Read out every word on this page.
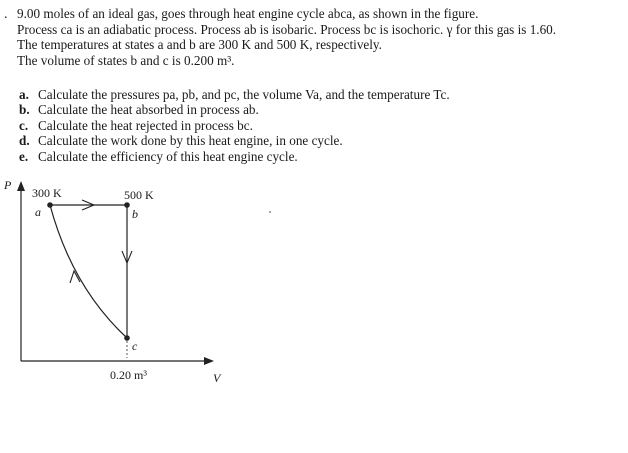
. 9.00 moles of an ideal gas, goes through heat engine cycle abca, as shown in the figure.
Process ca is an adiabatic process. Process ab is isobaric. Process bc is isochoric. γ for this gas is 1.60.
The temperatures at states a and b are 300 K and 500 K, respectively.
The volume of states b and c is 0.200 m³.
a. Calculate the pressures pa, pb, and pc, the volume Va, and the temperature Tc.
b. Calculate the heat absorbed in process ab.
c. Calculate the heat rejected in process bc.
d. Calculate the work done by this heat engine, in one cycle.
e. Calculate the efficiency of this heat engine cycle.
P
V
300 K	500 K
a	b
c
0.20 m³
